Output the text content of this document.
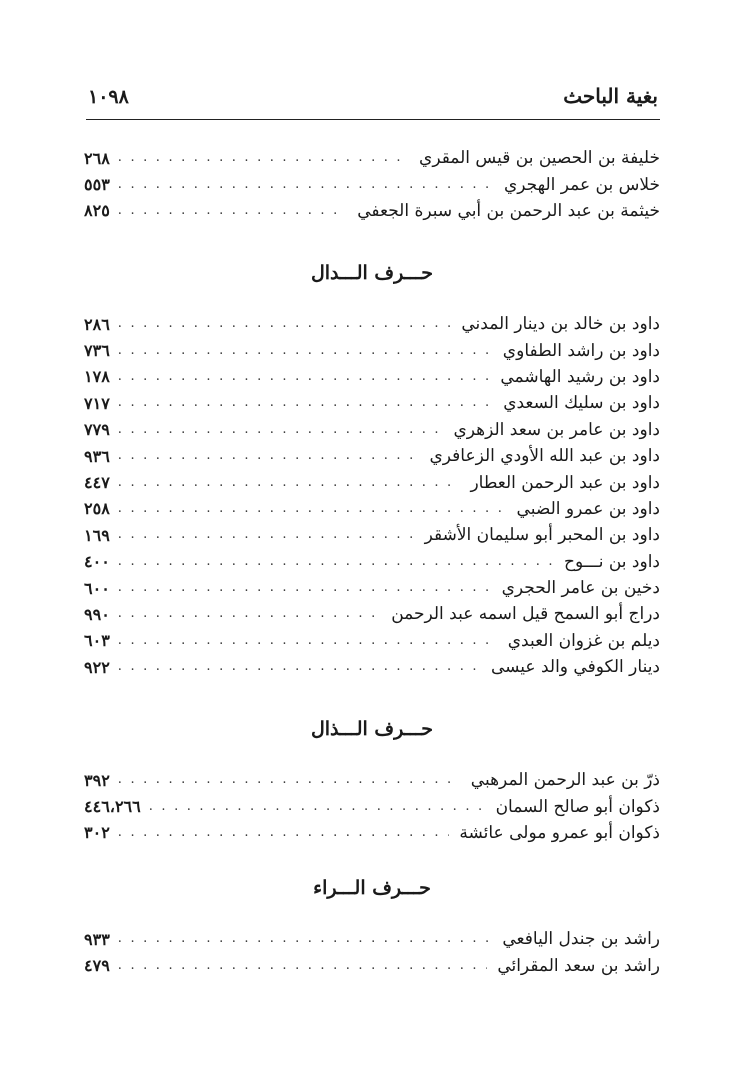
بغية الباحث
١٠٩٨
خليفة بن الحصين بن قيس المقري
. . .
٢٦٨
خلاس بن عمر الهجري
. . .
٥٥٣
خيثمة بن عبد الرحمن بن أبي سبرة الجعفي
. . .
٨٢٥
حـــرف الـــدال
داود بن خالد بن دينار المدني
. . .
٢٨٦
داود بن راشد الطفاوي
. . .
٧٣٦
داود بن رشيد الهاشمي
. . .
١٧٨
داود بن سليك السعدي
. . .
٧١٧
داود بن عامر بن سعد الزهري
. . .
٧٧٩
داود بن عبد الله الأودي الزعافري
. . .
٩٣٦
داود بن عبد الرحمن العطار
. . .
٤٤٧
داود بن عمرو الضبي
. . .
٢٥٨
داود بن المحبر أبو سليمان الأشقر
. . .
١٦٩
داود بن نـــوح
. . .
٤٠٠
دخين بن عامر الحجري
. . .
٦٠٠
دراج أبو السمح قيل اسمه عبد الرحمن
. . .
٩٩٠
ديلم بن غزوان العبدي
. . .
٦٠٣
دينار الكوفي والد عيسى
. . .
٩٢٢
حـــرف الـــذال
ذرّ بن عبد الرحمن المرهبي
. . .
٣٩٢
ذكوان أبو صالح السمان
. . .
٤٤٦،٢٦٦
ذكوان أبو عمرو مولى عائشة
. . .
٣٠٢
حـــرف الـــراء
راشد بن جندل اليافعي
. . .
٩٣٣
راشد بن سعد المقرائي
. . .
٤٧٩
